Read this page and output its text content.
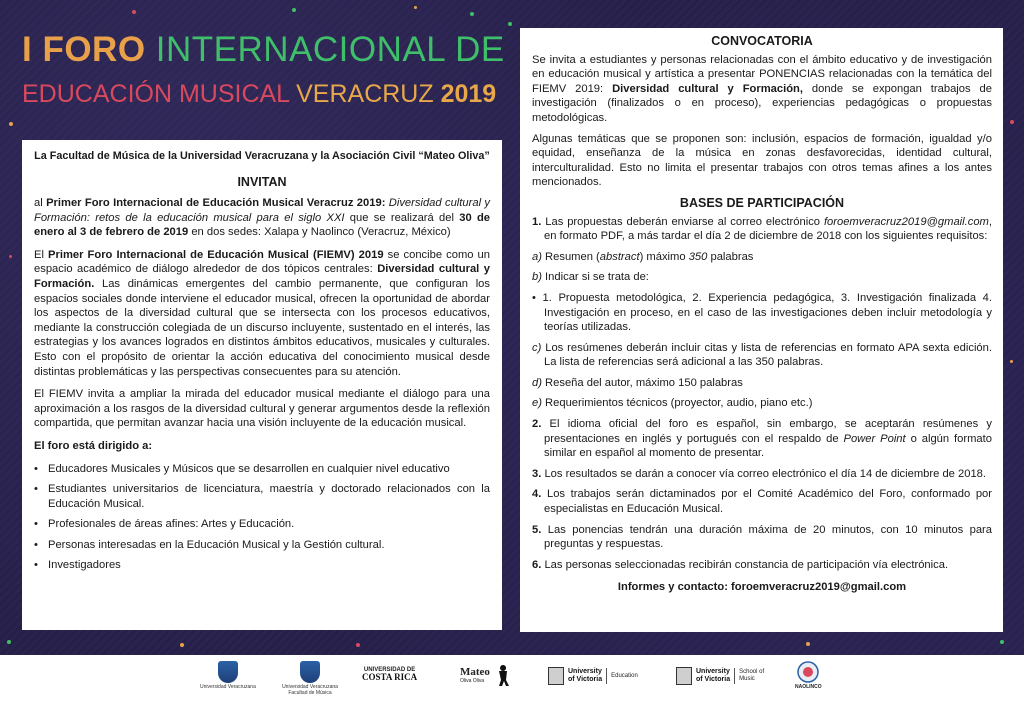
I FORO INTERNACIONAL DE
EDUCACIÓN MUSICAL VERACRUZ 2019
La Facultad de Música de la Universidad Veracruzana y la Asociación Civil “Mateo Oliva”
INVITAN

al Primer Foro Internacional de Educación Musical Veracruz 2019: Diversidad cultural y Formación: retos de la educación musical para el siglo XXI que se realizará del 30 de enero al 3 de febrero de 2019 en dos sedes: Xalapa y Naolinco (Veracruz, México)

El Primer Foro Internacional de Educación Musical (FIEMV) 2019 se concibe como un espacio académico de diálogo alrededor de dos tópicos centrales: Diversidad cultural y Formación. Las dinámicas emergentes del cambio permanente, que configuran los espacios sociales donde interviene el educador musical, ofrecen la oportunidad de abordar los aspectos de la diversidad cultural que se intersecta con los procesos educativos, mediante la construcción colegiada de un discurso incluyente, sustentado en el interés, las estrategias y los avances logrados en distintos ámbitos educativos, musicales y culturales. Esto con el propósito de orientar la acción educativa del conocimiento musical desde distintas problemáticas y las perspectivas consecuentes para su atención.

El FIEMV invita a ampliar la mirada del educador musical mediante el diálogo para una aproximación a los rasgos de la diversidad cultural y generar argumentos desde la reflexión compartida, que permitan avanzar hacia una visión incluyente de la educación musical.

El foro está dirigido a:

• Educadores Musicales y Músicos que se desarrollen en cualquier nivel educativo
• Estudiantes universitarios de licenciatura, maestría y doctorado relacionados con la Educación Musical.
• Profesionales de áreas afines: Artes y Educación.
• Personas interesadas en la Educación Musical y la Gestión cultural.
• Investigadores
CONVOCATORIA

Se invita a estudiantes y personas relacionadas con el ámbito educativo y de investigación en educación musical y artística a presentar PONENCIAS relacionadas con la temática del FIEMV 2019: Diversidad cultural y Formación, donde se expongan trabajos de investigación (finalizados o en proceso), experiencias pedagógicas o propuestas metodológicas.

Algunas temáticas que se proponen son: inclusión, espacios de formación, igualdad y/o equidad, enseñanza de la música en zonas desfavorecidas, identidad cultural, interculturalidad. Esto no limita el presentar trabajos con otros temas afines a los antes mencionados.

BASES DE PARTICIPACIÓN

1. Las propuestas deberán enviarse al correo electrónico foroemveracruz2019@gmail.com, en formato PDF, a más tardar el día 2 de diciembre de 2018 con los siguientes requisitos:

a) Resumen (abstract) máximo 350 palabras

b) Indicar si se trata de:

• 1. Propuesta metodológica, 2. Experiencia pedagógica, 3. Investigación finalizada 4. Investigación en proceso, en el caso de las investigaciones deben incluir metodología y teorías utilizadas.

c) Los resúmenes deberán incluir citas y lista de referencias en formato APA sexta edición. La lista de referencias será adicional a las 350 palabras.

d) Reseña del autor, máximo 150 palabras

e) Requerimientos técnicos (proyector, audio, piano etc.)

2. El idioma oficial del foro es español, sin embargo, se aceptarán resúmenes y presentaciones en inglés y portugués con el respaldo de Power Point o algún formato similar en español al momento de presentar.

3. Los resultados se darán a conocer vía correo electrónico el día 14 de diciembre de 2018.

4. Los trabajos serán dictaminados por el Comité Académico del Foro, conformado por especialistas en Educación Musical.

5. Las ponencias tendrán una duración máxima de 20 minutos, con 10 minutos para preguntas y respuestas.

6. Las personas seleccionadas recibirán constancia de participación vía electrónica.

Informes y contacto: foroemveracruz2019@gmail.com
Universidad Veracruzana	Universidad Veracruzana Facultad de Música
UNIVERSIDAD DE
COSTA RICA	Mateo
Oliva Oliva
University
of Victoria Education
University
of Victoria
School of Music
NAOLINCO
